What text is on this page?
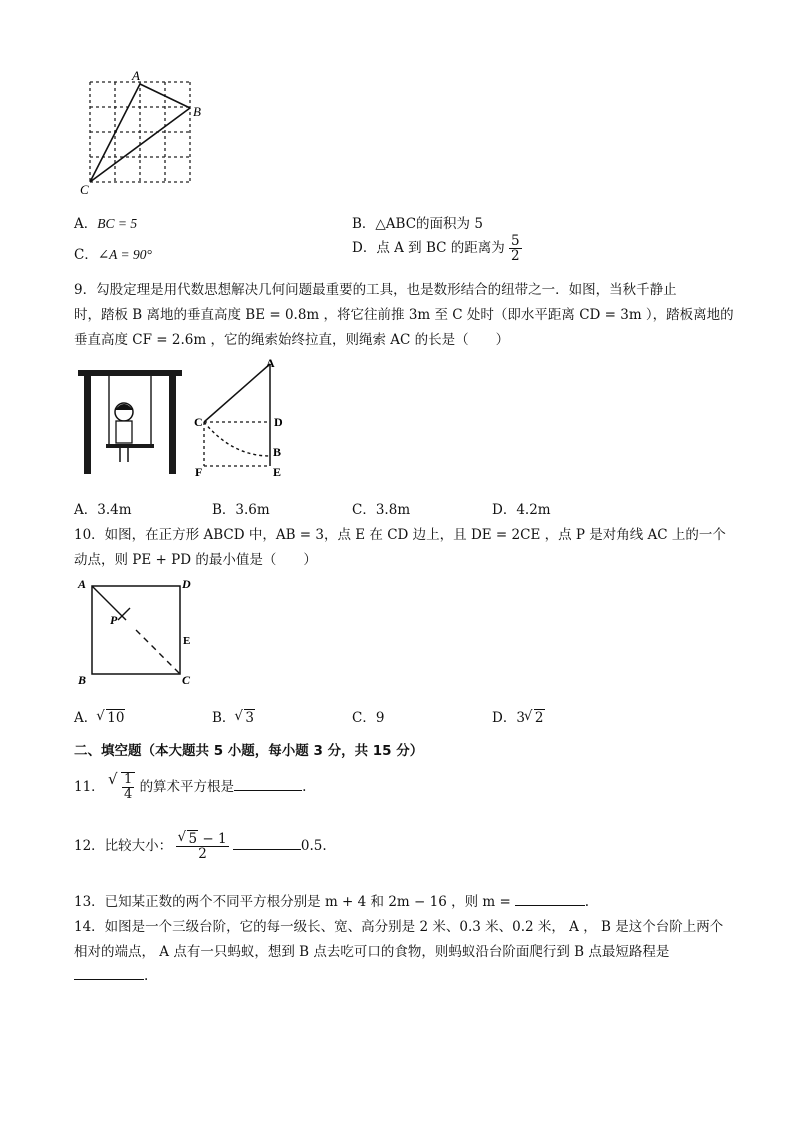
A
B
C
A．BC = 5	B．△ABC的面积为 5
C．∠A = 90°	D．点 A 到 BC 的距离为 $\frac{5}{2}$
9．勾股定理是用代数思想解决几何问题最重要的工具，也是数形结合的纽带之一．如图，当秋千静止
时，踏板 B 离地的垂直高度 BE = 0.8m ，将它往前推 3m 至 C 处时（即水平距离 CD = 3m ），踏板离地的
垂直高度 CF = 2.6m ，它的绳索始终拉直，则绳索 AC 的长是（　　）
A
C	D
B
F	E
A．3.4m	B．3.6m	C．3.8m	D．4.2m
10．如图，在正方形 ABCD 中，AB = 3，点 E 在 CD 边上，且 DE = 2CE ，点 P 是对角线 AC 上的一个
动点，则 PE + PD 的最小值是（　　）
A	D
P
E
B	C
A． √ 10	B． √ 3	C．9	D．3 √ 2
二、填空题（本大题共 5 小题，每小题 3 分，共 15 分）
11． √ $\frac{1}{4}$ 的算术平方根是	.
12．比较大小： √ $\frac{5 - 1}{2}$	0.5.
13．已知某正数的两个不同平方根分别是 m + 4 和 2m − 16 ，则 m =	.
14．如图是一个三级台阶，它的每一级长、宽、高分别是 2 米、0.3 米、0.2 米， A ， B 是这个台阶上两个
相对的端点， A 点有一只蚂蚁，想到 B 点去吃可口的食物，则蚂蚁沿台阶面爬行到 B 点最短路程是
.
